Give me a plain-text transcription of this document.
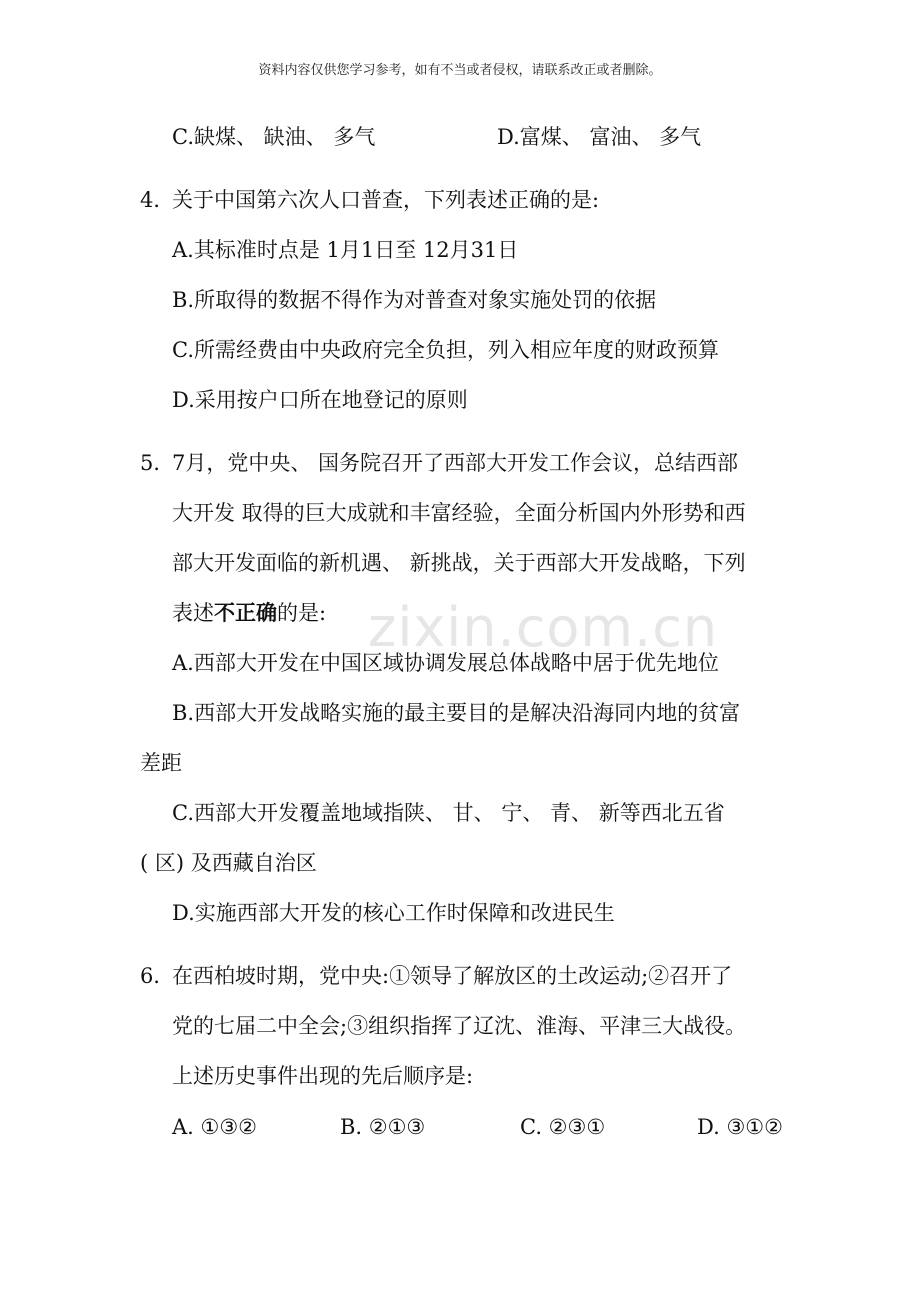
zixin.com.cn
资料内容仅供您学习参考，如有不当或者侵权，请联系改正或者删除。
C.缺煤、 缺油、 多气	D.富煤、 富油、 多气
4．
关于中国第六次人口普查，下列表述正确的是:
A.其标准时点是 1月1日至 12月31日
B.所取得的数据不得作为对普查对象实施处罚的依据
C.所需经费由中央政府完全负担，列入相应年度的财政预算
D.采用按户口所在地登记的原则
5．
7月，党中央、 国务院召开了西部大开发工作会议，总结西部
大开发 取得的巨大成就和丰富经验，全面分析国内外形势和西
部大开发面临的新机遇、 新挑战，关于西部大开发战略，下列
表述不正确的是:
A.西部大开发在中国区域协调发展总体战略中居于优先地位
B.西部大开发战略实施的最主要目的是解决沿海同内地的贫富
差距
C.西部大开发覆盖地域指陕、 甘、 宁、 青、 新等西北五省
( 区) 及西藏自治区
D.实施西部大开发的核心工作时保障和改进民生
6．
在西柏坡时期，党中央:①领导了解放区的土改运动;②召开了
党的七届二中全会;③组织指挥了辽沈、淮海、平津三大战役。
上述历史事件出现的先后顺序是:
A. ①③②	B. ②①③	C. ②③①	D. ③①②
